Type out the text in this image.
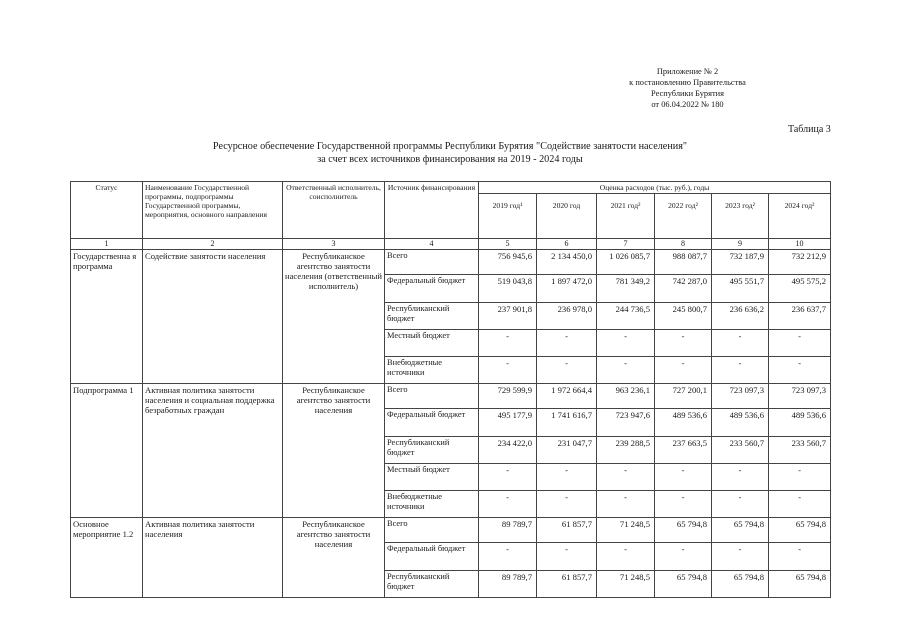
Приложение № 2
к постановлению Правительства
Республики Бурятия
от 06.04.2022 № 180
Таблица 3
Ресурсное обеспечение Государственной программы Республики Бурятия "Содействие занятости населения"
за счет всех источников финансирования на 2019 - 2024 годы
Статус	Наименование Государственной программы, подпрограммы Государственной программы, мероприятия, основного направления	Ответственный исполнитель, соисполнитель	Источник финансирования	Оценка расходов (тыс. руб.), годы					
				2019 год¹	2020 год	2021 год²	2022 год²	2023 год²	2024 год²
1	2	3	4	5	6	7	8	9	10
Государственна я программа	Содействие занятости населения	Республиканское агентство занятости населения (ответственный исполнитель)	Всего	756 945,6	2 134 450,0	1 026 085,7	988 087,7	732 187,9	732 212,9
			Федеральный бюджет	519 043,8	1 897 472,0	781 349,2	742 287,0	495 551,7	495 575,2
			Республиканский бюджет	237 901,8	236 978,0	244 736,5	245 800,7	236 636,2	236 637,7
			Местный бюджет	-	-	-	-	-	-
			Внебюджетные источники	-	-	-	-	-	-
Подпрограмма 1	Активная политика занятости населения и социальная поддержка безработных граждан	Республиканское агентство занятости населения	Всего	729 599,9	1 972 664,4	963 236,1	727 200,1	723 097,3	723 097,3
			Федеральный бюджет	495 177,9	1 741 616,7	723 947,6	489 536,6	489 536,6	489 536,6
			Республиканский бюджет	234 422,0	231 047,7	239 288,5	237 663,5	233 560,7	233 560,7
			Местный бюджет	-	-	-	-	-	-
			Внебюджетные источники	-	-	-	-	-	-
Основное мероприятие 1.2	Активная политика занятости населения	Республиканское агентство занятости населения	Всего	89 789,7	61 857,7	71 248,5	65 794,8	65 794,8	65 794,8
			Федеральный бюджет	-	-	-	-	-	-
			Республиканский бюджет	89 789,7	61 857,7	71 248,5	65 794,8	65 794,8	65 794,8
